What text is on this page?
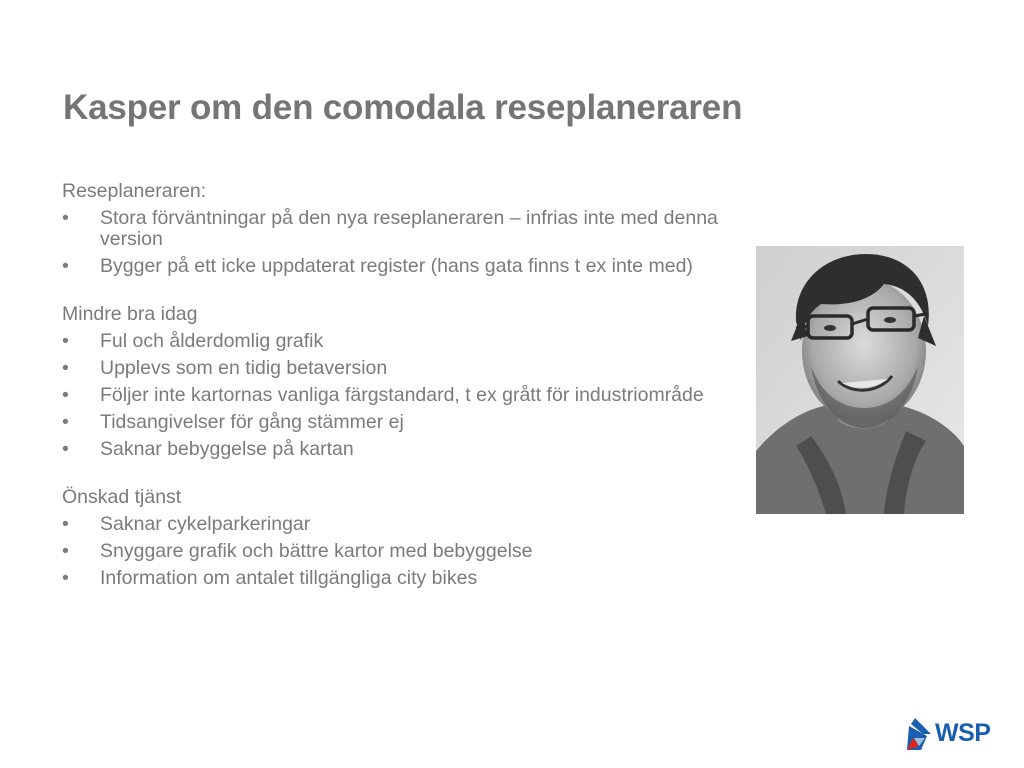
Kasper om den comodala reseplaneraren
Reseplaneraren:
• Stora förväntningar på den nya reseplaneraren – infrias inte med denna version
• Bygger på ett icke uppdaterat register (hans gata finns t ex inte med)
Mindre bra idag
• Ful och ålderdomlig grafik
• Upplevs som en tidig betaversion
• Följer inte kartornas vanliga färgstandard, t ex grått för industriområde
• Tidsangivelser för gång stämmer ej
• Saknar bebyggelse på kartan
Önskad tjänst
• Saknar cykelparkeringar
• Snyggare grafik och bättre kartor med bebyggelse
• Information om antalet tillgängliga city bikes
WSP
